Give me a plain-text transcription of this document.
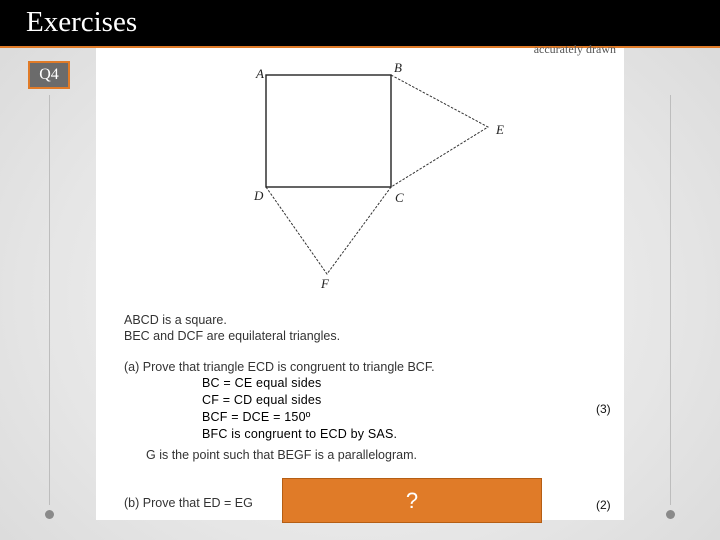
Exercises
Q4
accurately drawn
A	B
E
D	C
F
ABCD is a square.
BEC and DCF are equilateral triangles.
(a) Prove that triangle ECD is congruent to triangle BCF.
BC = CE equal sides
CF = CD equal sides
BCF = DCE = 150º
BFC is congruent to ECD by SAS.
(3)
G is the point such that BEGF is a parallelogram.
(b) Prove that ED = EG	(2)
?
